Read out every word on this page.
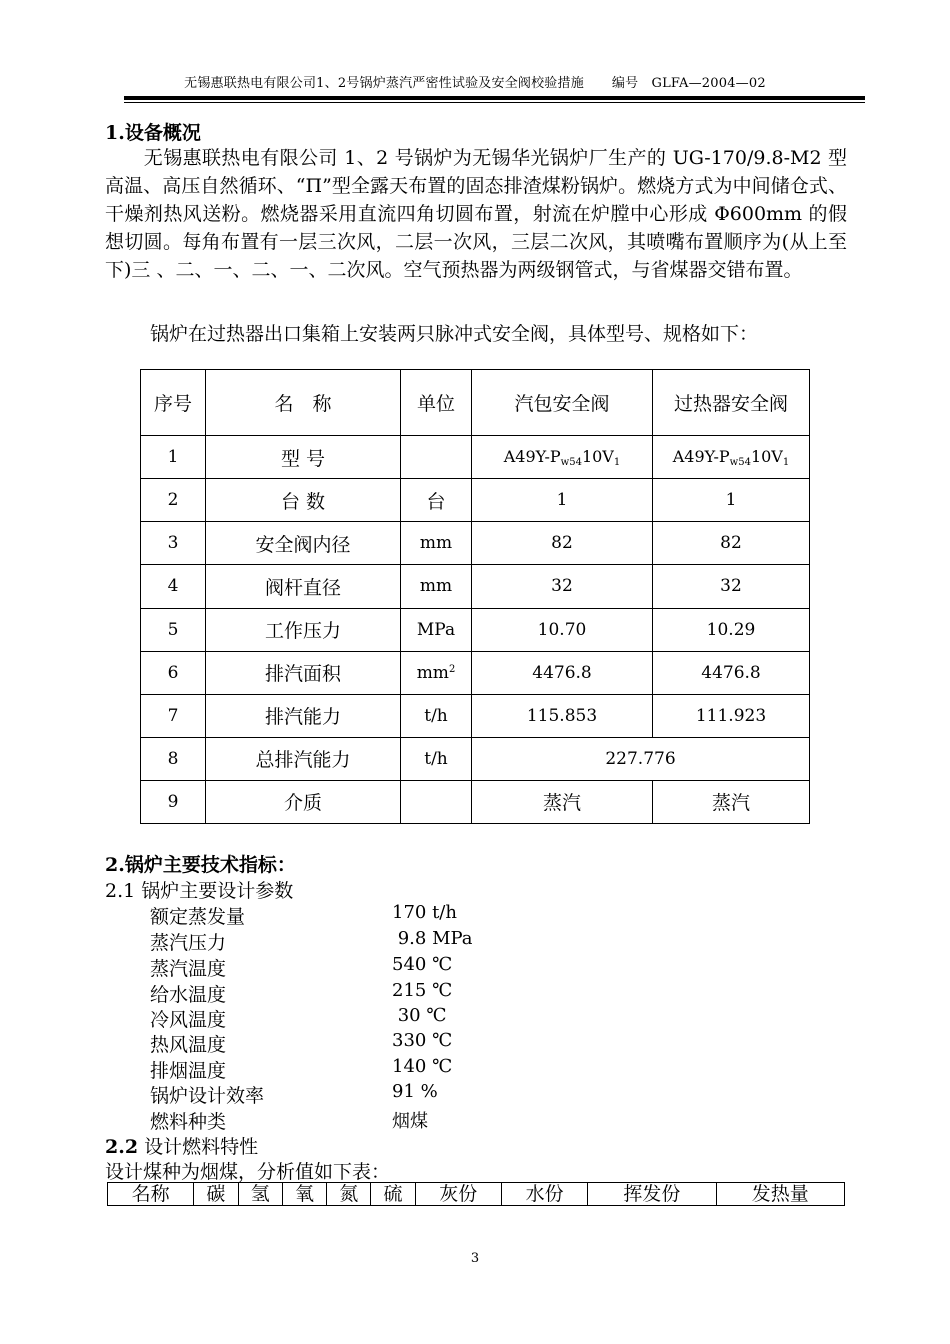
无锡惠联热电有限公司1、2号锅炉蒸汽严密性试验及安全阀校验措施 编号　GLFA—2004—02
1.设备概况
　　无锡惠联热电有限公司 1、2 号锅炉为无锡华光锅炉厂生产的 UG-170/9.8-M2 型高温、高压自然循环、“Π”型全露天布置的固态排渣煤粉锅炉。燃烧方式为中间储仓式、干燥剂热风送粉。燃烧器采用直流四角切圆布置，射流在炉膛中心形成 Φ600mm 的假想切圆。每角布置有一层三次风，二层一次风，三层二次风，其喷嘴布置顺序为(从上至下)三 、二、一、二、一、二次风。空气预热器为两级钢管式，与省煤器交错布置。
锅炉在过热器出口集箱上安装两只脉冲式安全阀，具体型号、规格如下：
序号	名　称	单位	汽包安全阀	过热器安全阀
1	型 号		$A49Y-P_{w54}10V_1$	$A49Y-P_{w54}10V_1$
2	台 数	台	1	1
3	安全阀内径	mm	82	82
4	阀杆直径	mm	32	32
5	工作压力	MPa	10.70	10.29
6	排汽面积	$mm^2$	4476.8	4476.8
7	排汽能力	t/h	115.853	111.923
8	总排汽能力	t/h	227.776	
9	介质		蒸汽	蒸汽
2.锅炉主要技术指标：
2.1 锅炉主要设计参数
额定蒸发量	170 t/h
蒸汽压力	9.8 MPa
蒸汽温度	540 ℃
给水温度	215 ℃
冷风温度	30 ℃
热风温度	330 ℃
排烟温度	140 ℃
锅炉设计效率	91 %
燃料种类	烟煤
2.2 设计燃料特性
设计煤种为烟煤，分析值如下表：
名称	碳	氢	氧	氮	硫	灰份	水份	挥发份	发热量
3
